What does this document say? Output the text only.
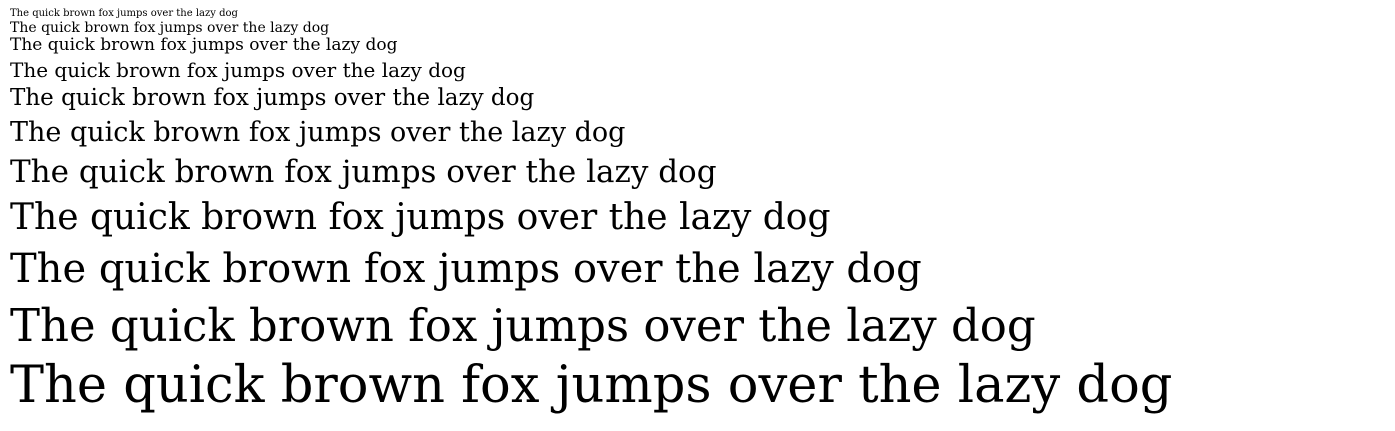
The quick brown fox jumps over the lazy dog

The quick brown fox jumps over the lazy dog

The quick brown fox jumps over the lazy dog

The quick brown fox jumps over the lazy dog

The quick brown fox jumps over the lazy dog

The quick brown fox jumps over the lazy dog

The quick brown fox jumps over the lazy dog

The quick brown fox jumps over the lazy dog

The quick brown fox jumps over the lazy dog

The quick brown fox jumps over the lazy dog

The quick brown fox jumps over the lazy dog
